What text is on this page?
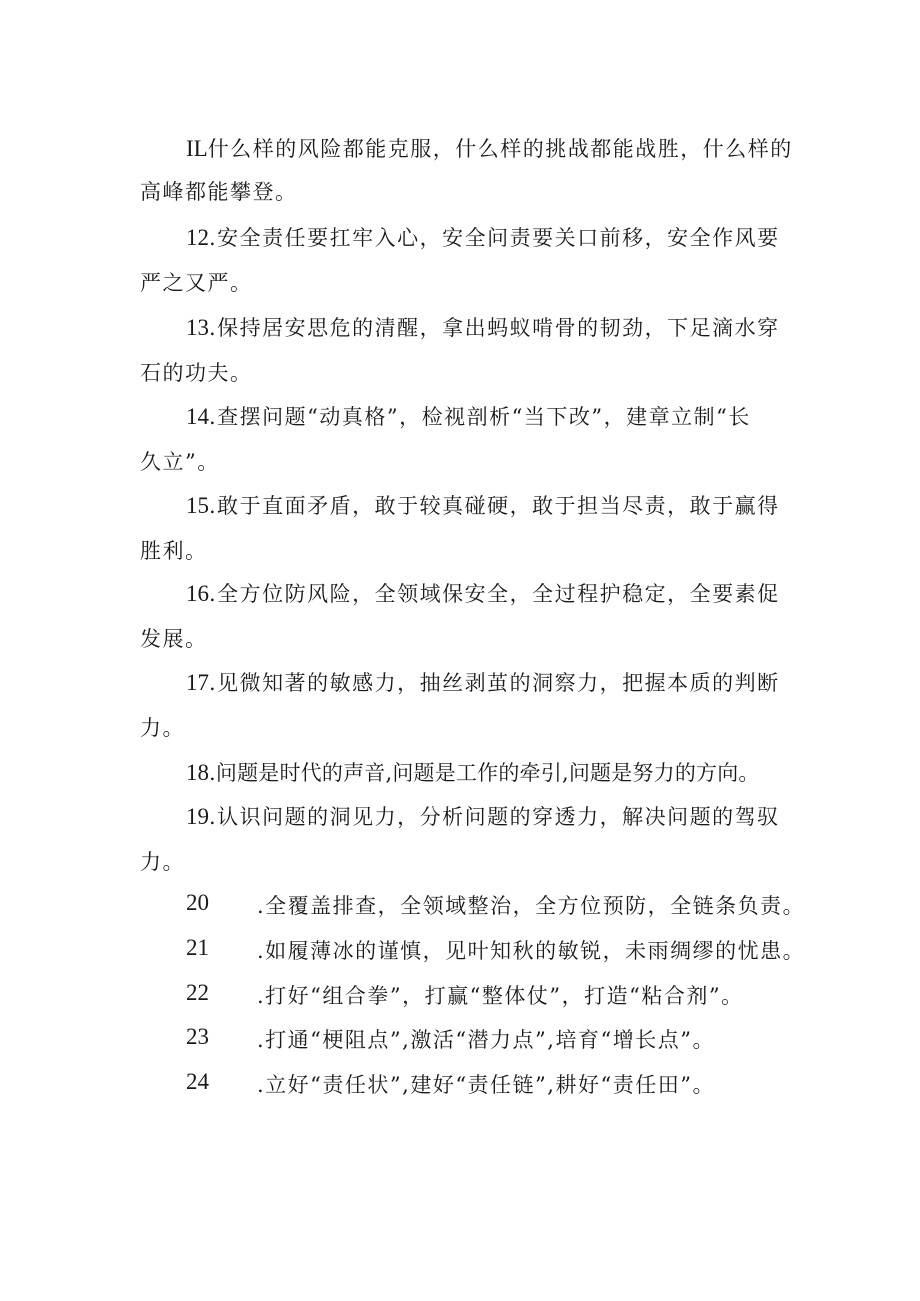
IL什么样的风险都能克服，什么样的挑战都能战胜，什么样的
高峰都能攀登。
12.安全责任要扛牢入心，安全问责要关口前移，安全作风要
严之又严。
13.保持居安思危的清醒，拿出蚂蚁啃骨的韧劲，下足滴水穿
石的功夫。
14.查摆问题“动真格”，检视剖析“当下改”，建章立制“长
久立”。
15.敢于直面矛盾，敢于较真碰硬，敢于担当尽责，敢于赢得
胜利。
16.全方位防风险，全领域保安全，全过程护稳定，全要素促
发展。
17.见微知著的敏感力，抽丝剥茧的洞察力，把握本质的判断
力。
18.问题是时代的声音,问题是工作的牵引,问题是努力的方向。
19.认识问题的洞见力，分析问题的穿透力，解决问题的驾驭
力。
20 .全覆盖排查，全领域整治，全方位预防，全链条负责。
21 .如履薄冰的谨慎，见叶知秋的敏锐，未雨绸缪的忧患。
22 .打好“组合拳”，打赢“整体仗”，打造“粘合剂”。
23 .打通“梗阻点”,激活“潜力点”,培育“增长点”。
24 .立好“责任状”,建好“责任链”,耕好“责任田”。
